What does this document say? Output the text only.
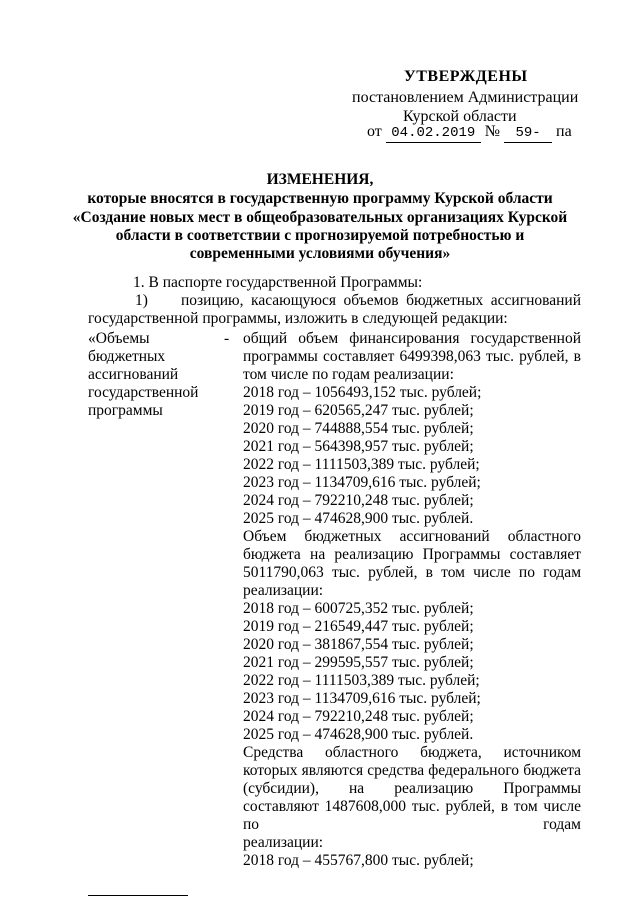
УТВЕРЖДЕНЫ
постановлением Администрации
Курской области
от 04.02.2019 № 59- па
ИЗМЕНЕНИЯ,
которые вносятся в государственную программу Курской области
«Создание новых мест в общеобразовательных организациях Курской
области в соответствии с прогнозируемой потребностью и
современными условиями обучения»
1. В паспорте государственной Программы:
1) позицию, касающуюся объемов бюджетных ассигнований
государственной программы, изложить в следующей редакции:
«Объемы
бюджетных
ассигнований
государственной
программы
- общий объем финансирования государственной программы составляет 6499398,063 тыс. рублей, в
том числе по годам реализации:
2018 год – 1056493,152 тыс. рублей;
2019 год – 620565,247 тыс. рублей;
2020 год – 744888,554 тыс. рублей;
2021 год – 564398,957 тыс. рублей;
2022 год – 1111503,389 тыс. рублей;
2023 год – 1134709,616 тыс. рублей;
2024 год – 792210,248 тыс. рублей;
2025 год – 474628,900 тыс. рублей.
Объем бюджетных ассигнований областного бюджета на реализацию Программы составляет 5011790,063 тыс. рублей, в том числе по годам
реализации:
2018 год – 600725,352 тыс. рублей;
2019 год – 216549,447 тыс. рублей;
2020 год – 381867,554 тыс. рублей;
2021 год – 299595,557 тыс. рублей;
2022 год – 1111503,389 тыс. рублей;
2023 год – 1134709,616 тыс. рублей;
2024 год – 792210,248 тыс. рублей;
2025 год – 474628,900 тыс. рублей.
Средства областного бюджета, источником которых являются средства федерального бюджета (субсидии), на реализацию Программы составляют 1487608,000 тыс. рублей, в том числе по годам
реализации:
2018 год – 455767,800 тыс. рублей;
